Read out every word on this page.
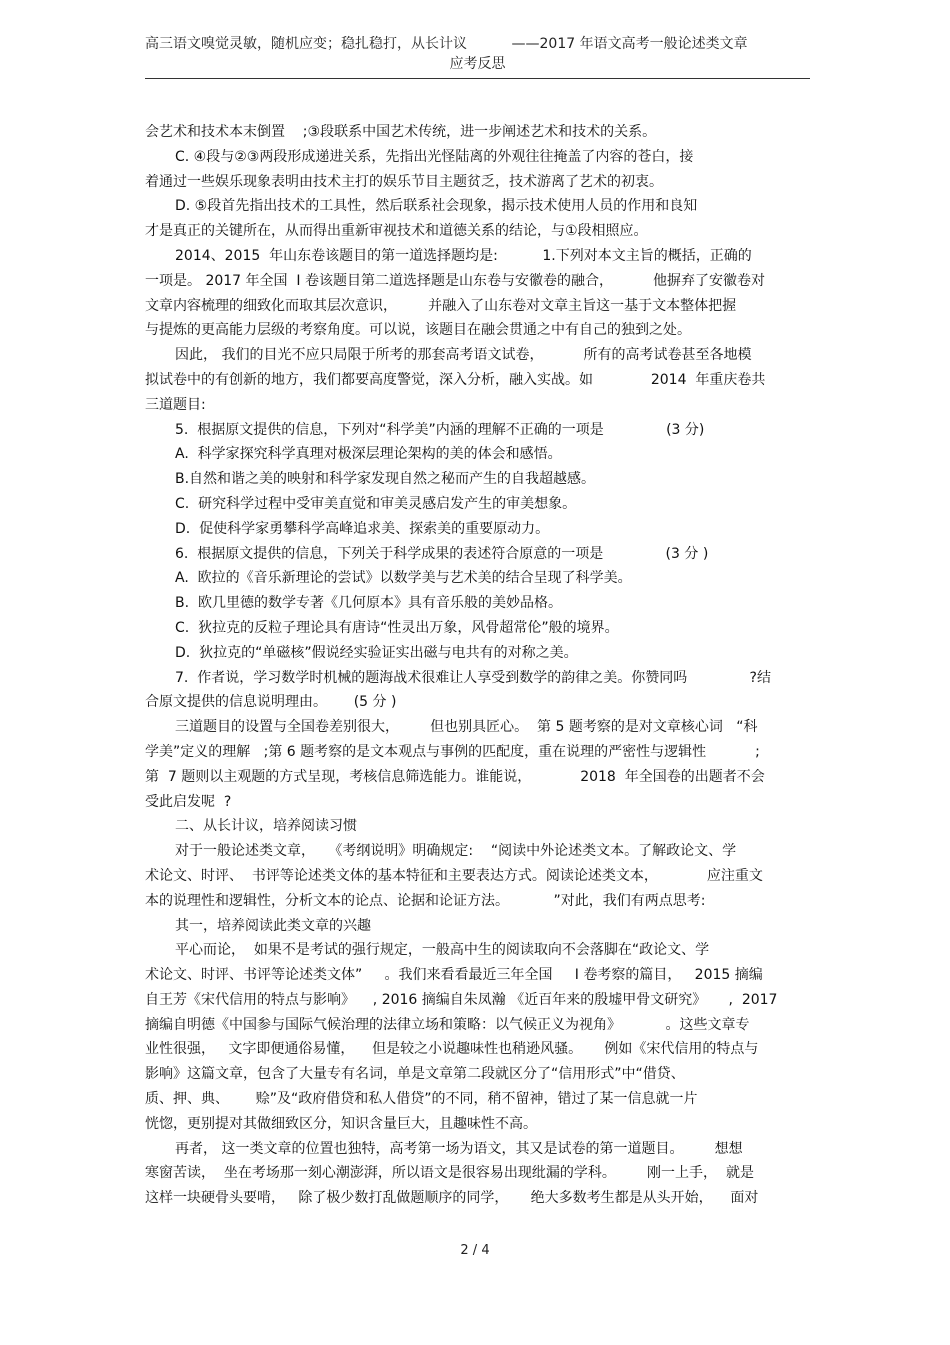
高三语文嗅觉灵敏，随机应变；稳扎稳打，从长计议          ——2017 年语文高考一般论述类文章
应考反思
会艺术和技术本末倒置    ;③段联系中国艺术传统，进一步阐述艺术和技术的关系。
C. ④段与②③两段形成递进关系，先指出光怪陆离的外观往往掩盖了内容的苍白，接
着通过一些娱乐现象表明由技术主打的娱乐节目主题贫乏，技术游离了艺术的初衷。
D. ⑤段首先指出技术的工具性，然后联系社会现象，揭示技术使用人员的作用和良知
才是真正的关键所在，从而得出重新审视技术和道德关系的结论，与①段相照应。
2014、2015  年山东卷该题目的第一道选择题均是:          1.下列对本文主旨的概括，正确的
一项是。 2017 年全国  Ⅰ 卷该题目第二道选择题是山东卷与安徽卷的融合，         他摒弃了安徽卷对
文章内容梳理的细致化而取其层次意识，       并融入了山东卷对文章主旨这一基于文本整体把握
与提炼的更高能力层级的考察角度。可以说，该题目在融会贯通之中有自己的独到之处。
因此， 我们的目光不应只局限于所考的那套高考语文试卷，         所有的高考试卷甚至各地模
拟试卷中的有创新的地方，我们都要高度警觉，深入分析，融入实战。如             2014  年重庆卷共
三道题目:
5.  根据原文提供的信息，下列对“科学美”内涵的理解不正确的一项是              (3 分)
A.  科学家探究科学真理对极深层理论架构的美的体会和感悟。
B.自然和谐之美的映射和科学家发现自然之秘而产生的自我超越感。
C.  研究科学过程中受审美直觉和审美灵感启发产生的审美想象。
D.  促使科学家勇攀科学高峰追求美、探索美的重要原动力。
6.  根据原文提供的信息，下列关于科学成果的表述符合原意的一项是              (3 分 )
A.  欧拉的《音乐新理论的尝试》以数学美与艺术美的结合呈现了科学美。
B.  欧几里德的数学专著《几何原本》具有音乐般的美妙品格。
C.  狄拉克的反粒子理论具有唐诗“性灵出万象，风骨超常伦”般的境界。
D.  狄拉克的“单磁核”假说经实验证实出磁与电共有的对称之美。
7.  作者说，学习数学时机械的题海战术很难让人享受到数学的韵律之美。你赞同吗              ?结
合原文提供的信息说明理由。      (5 分 )
三道题目的设置与全国卷差别很大，       但也别具匠心。  第 5 题考察的是对文章核心词   “科
学美”定义的理解   ;第 6 题考察的是文本观点与事例的匹配度，重在说理的严密性与逻辑性           ;
第  7 题则以主观题的方式呈现，考核信息筛选能力。谁能说，           2018  年全国卷的出题者不会
受此启发呢  ?
二、从长计议，培养阅读习惯
对于一般论述类文章，   《考纲说明》明确规定:    “阅读中外论述类文本。了解政论文、学
术论文、时评、  书评等论述类文体的基本特征和主要表达方式。阅读论述类文本，           应注重文
本的说理性和逻辑性，分析文本的论点、论据和论证方法。          ”对此，我们有两点思考:
其一，培养阅读此类文章的兴趣
平心而论，  如果不是考试的强行规定，一般高中生的阅读取向不会落脚在“政论文、学
术论文、时评、书评等论述类文体”     。我们来看看最近三年全国     Ⅰ 卷考察的篇目，   2015 摘编
自王芳《宋代信用的特点与影响》    , 2016 摘编自朱凤瀚 《近百年来的殷墟甲骨文研究》     ,  2017
摘编自明德《中国参与国际气候治理的法律立场和策略：以气候正义为视角》          。这些文章专
业性很强，   文字即便通俗易懂，    但是较之小说趣味性也稍逊风骚。     例如《宋代信用的特点与
影响》这篇文章，包含了大量专有名词，单是文章第二段就区分了“信用形式”中“借贷、
质、押、典、      赊”及“政府借贷和私人借贷”的不同，稍不留神，错过了某一信息就一片
恍惚，更别提对其做细致区分，知识含量巨大，且趣味性不高。
再者， 这一类文章的位置也独特，高考第一场为语文，其又是试卷的第一道题目。       想想
寒窗苦读，  坐在考场那一刻心潮澎湃，所以语文是很容易出现纰漏的学科。       刚一上手，  就是
这样一块硬骨头要啃，   除了极少数打乱做题顺序的同学，     绝大多数考生都是从头开始，    面对
2 / 4
